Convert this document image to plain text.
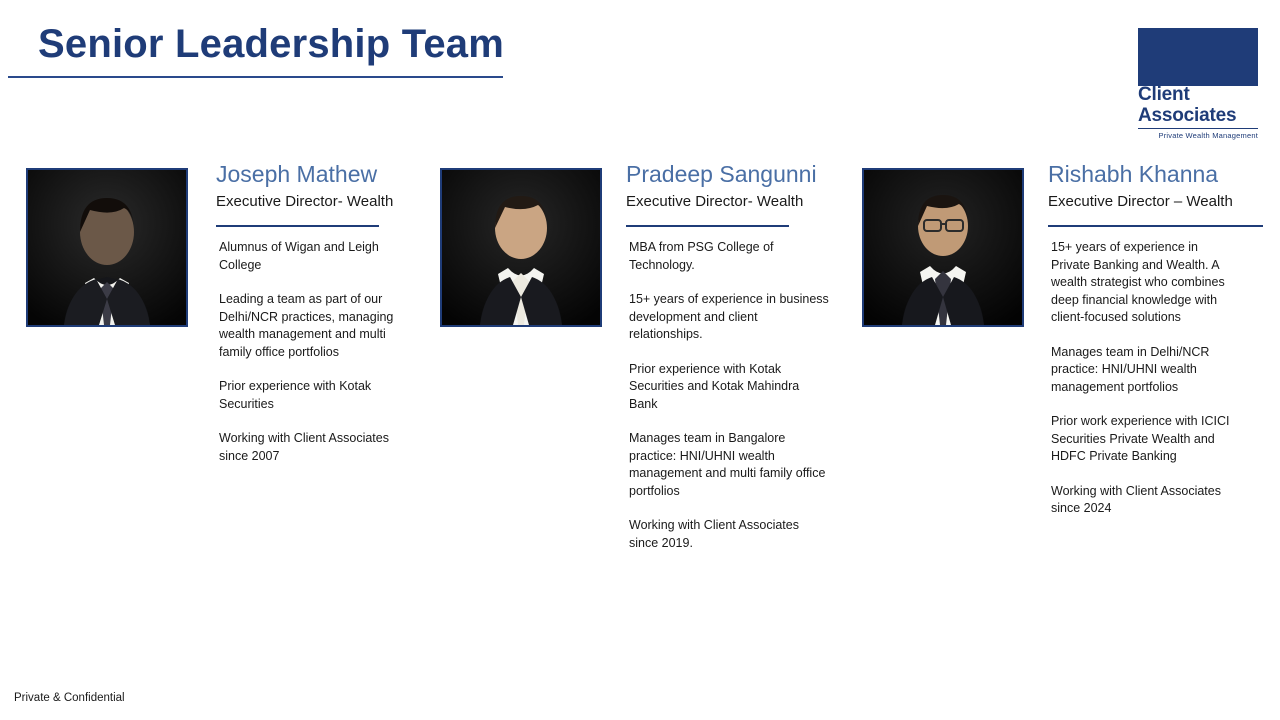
Senior Leadership Team
Client
Associates
Private Wealth Management
Joseph Mathew
Executive Director- Wealth

Alumnus of Wigan and Leigh College

Leading a team as part of our Delhi/NCR practices, managing wealth management and multi family office portfolios

Prior experience with Kotak Securities

Working with Client Associates since 2007

Pradeep Sangunni
Executive Director- Wealth

MBA from PSG College of Technology.

15+ years of experience in business development and client relationships.

Prior experience with Kotak Securities and Kotak Mahindra Bank

Manages team in Bangalore practice: HNI/UHNI wealth management and multi family office portfolios

Working with Client Associates since 2019.

Rishabh Khanna
Executive Director – Wealth

15+ years of experience in Private Banking and Wealth. A wealth strategist who combines deep financial knowledge with client-focused solutions

Manages team in Delhi/NCR practice: HNI/UHNI wealth management portfolios

Prior work experience with ICICI Securities Private Wealth and HDFC Private Banking

Working with Client Associates since 2024

Private & Confidential
